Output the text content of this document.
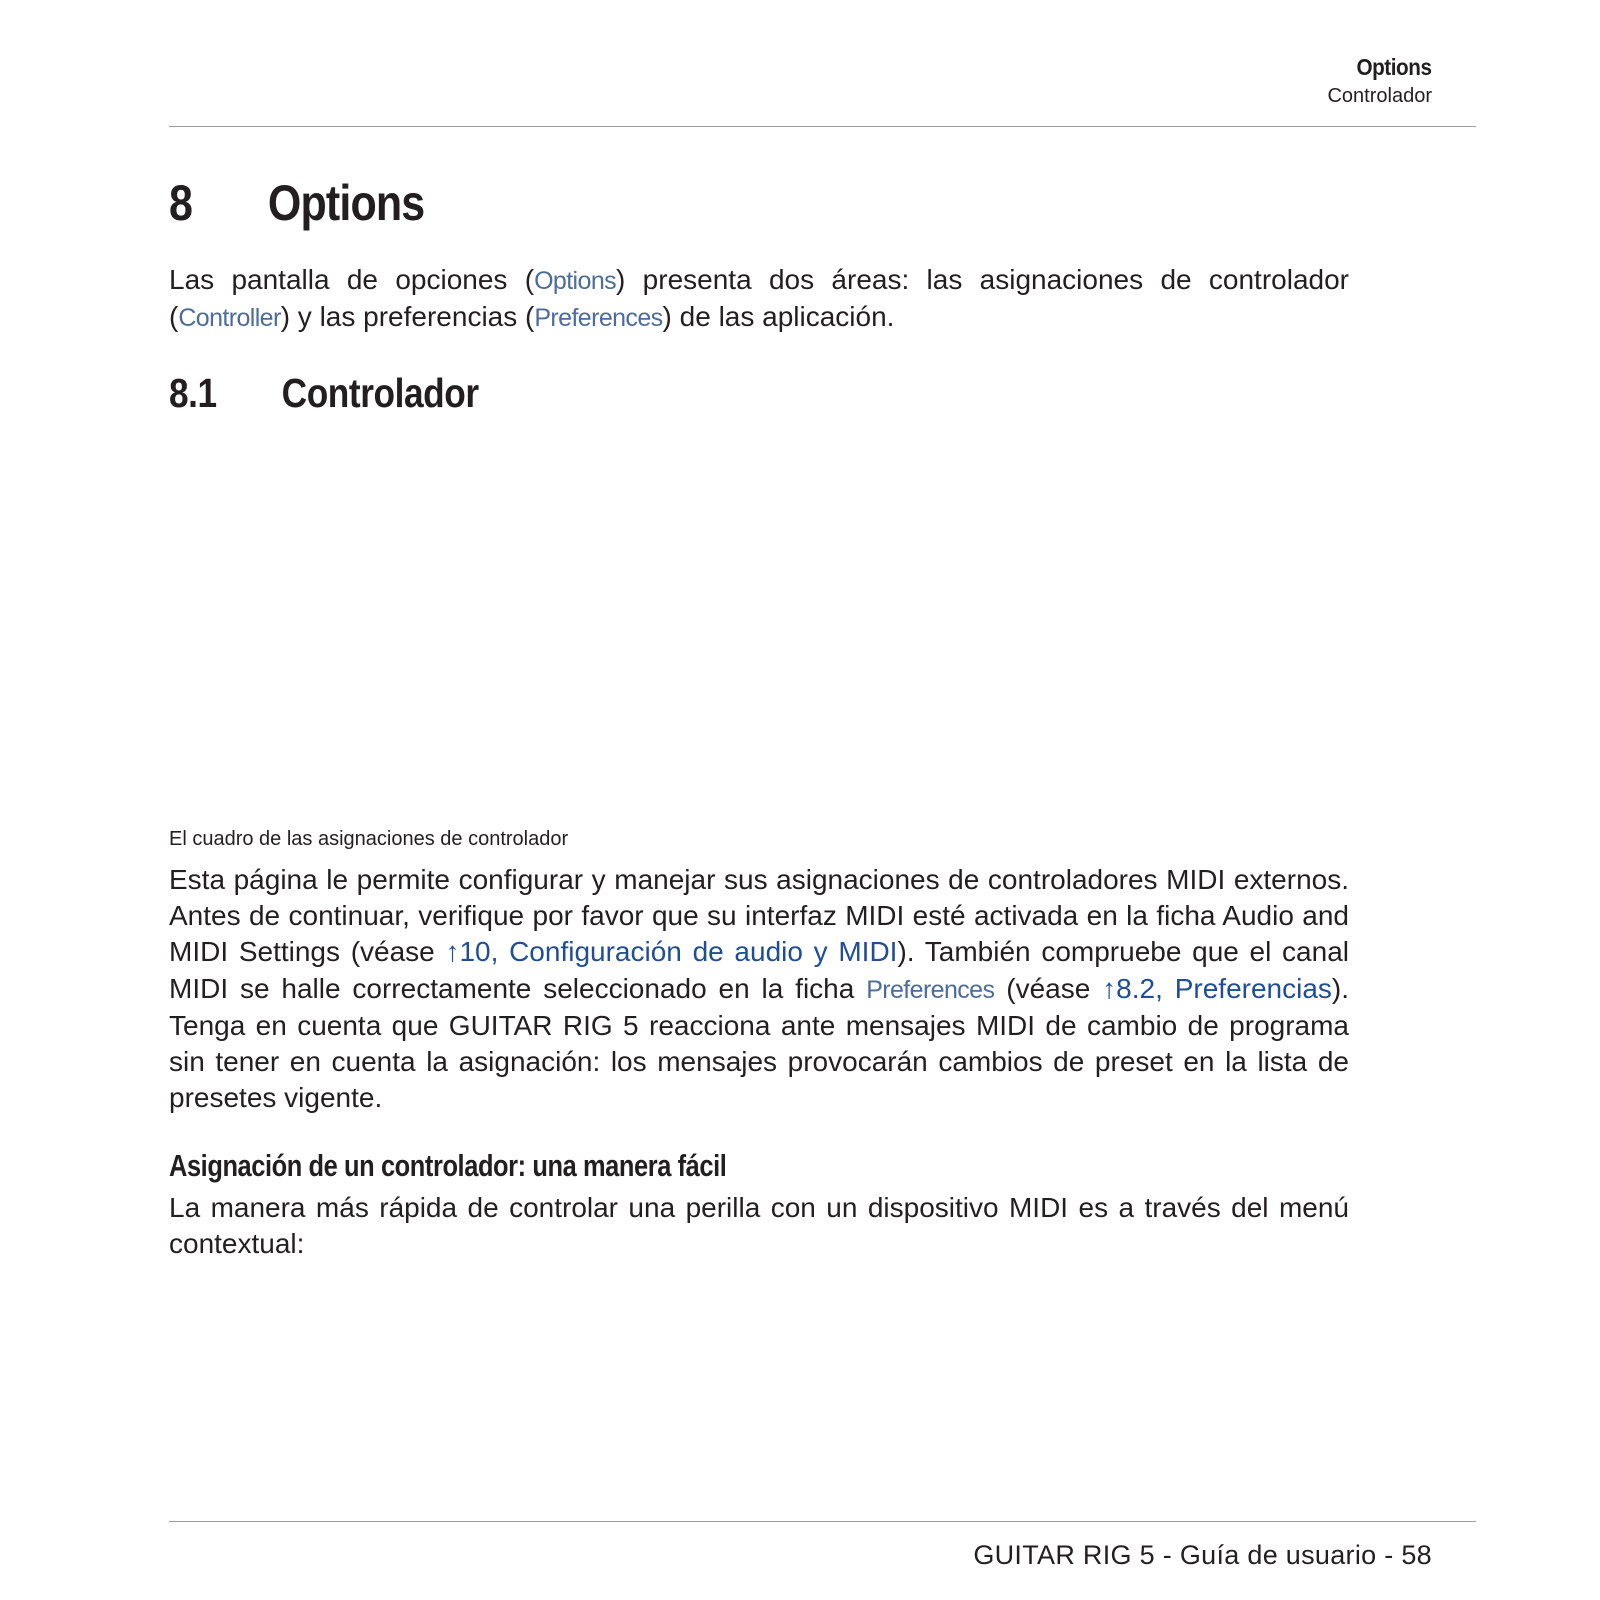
Options
Controlador
8 Options

Las pantalla de opciones (Options) presenta dos áreas: las asignaciones de controlador (Controller) y las preferencias (Preferences) de las aplicación.

8.1 Controlador

El cuadro de las asignaciones de controlador

Esta página le permite configurar y manejar sus asignaciones de controladores MIDI externos. Antes de continuar, verifique por favor que su interfaz MIDI esté activada en la ficha Audio and MIDI Settings (véase ↑10, Configuración de audio y MIDI). También compruebe que el canal MIDI se halle correctamente seleccionado en la ficha Preferences (véase ↑8.2, Preferencias). Tenga en cuenta que GUITAR RIG 5 reacciona ante mensajes MIDI de cambio de programa sin tener en cuenta la asignación: los mensajes provocarán cambios de preset en la lista de presetes vigente.

Asignación de un controlador: una manera fácil

La manera más rápida de controlar una perilla con un dispositivo MIDI es a través del menú contextual:

GUITAR RIG 5 - Guía de usuario - 58
